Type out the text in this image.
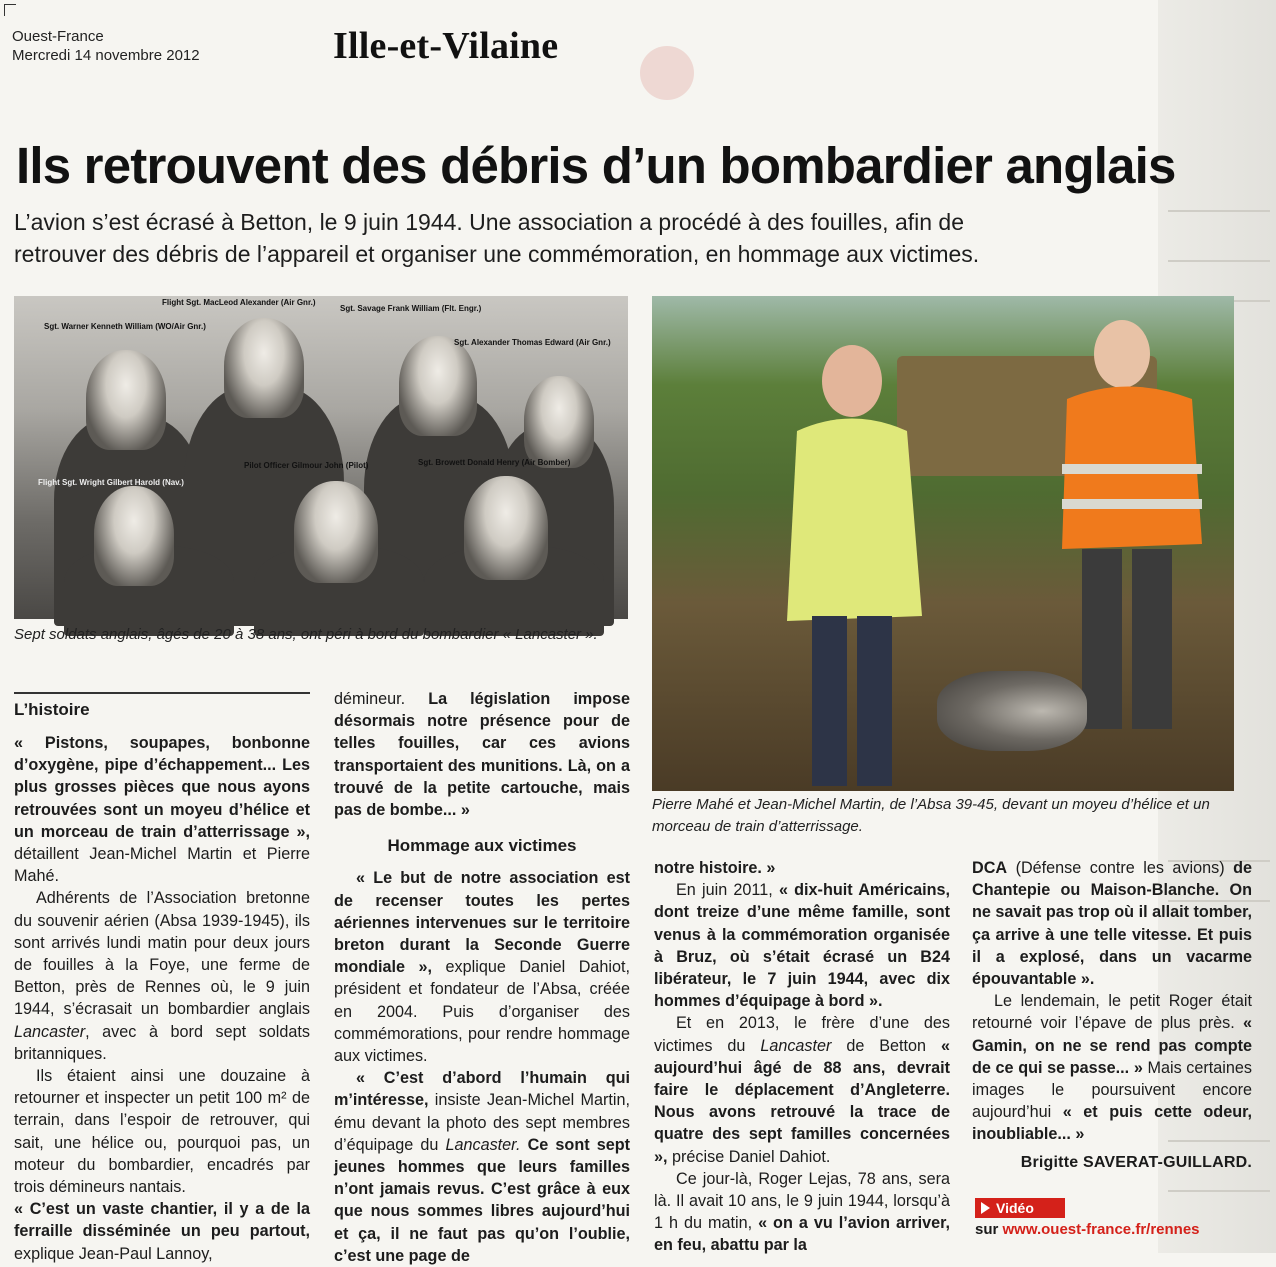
Ouest-France
Mercredi 14 novembre 2012	Ille-et-Vilaine
Ils retrouvent des débris d’un bombardier anglais
L’avion s’est écrasé à Betton, le 9 juin 1944. Une association a procédé à des fouilles, afin de retrouver des débris de l’appareil et organiser une commémoration, en hommage aux victimes.
Sgt. Warner Kenneth William (WO/Air Gnr.)
Flight Sgt. MacLeod Alexander (Air Gnr.)
Sgt. Savage Frank William (Flt. Engr.)
Sgt. Alexander Thomas Edward (Air Gnr.)
Flight Sgt. Wright Gilbert Harold (Nav.)
Pilot Officer Gilmour John (Pilot)	Sgt. Browett Donald Henry (Air Bomber)
Sept soldats anglais, âgés de 20 à 38 ans, ont péri à bord du bombardier « Lancaster ».
Pierre Mahé et Jean-Michel Martin, de l’Absa 39-45, devant un moyeu d’hélice et un morceau de train d’atterrissage.
L’histoire

« Pistons, soupapes, bonbonne d’oxygène, pipe d’échappement... Les plus grosses pièces que nous ayons retrouvées sont un moyeu d’hélice et un morceau de train d’atterrissage », détaillent Jean-Michel Martin et Pierre Mahé.

Adhérents de l’Association bretonne du souvenir aérien (Absa 1939-1945), ils sont arrivés lundi matin pour deux jours de fouilles à la Foye, une ferme de Betton, près de Rennes où, le 9 juin 1944, s’écrasait un bombardier anglais Lancaster, avec à bord sept soldats britanniques.

Ils étaient ainsi une douzaine à retourner et inspecter un petit 100 m² de terrain, dans l’espoir de retrouver, qui sait, une hélice ou, pourquoi pas, un moteur du bombardier, encadrés par trois démineurs nantais.

« C’est un vaste chantier, il y a de la ferraille disséminée un peu partout, explique Jean-Paul Lannoy,

démineur. La législation impose désormais notre présence pour de telles fouilles, car ces avions transportaient des munitions. Là, on a trouvé de la petite cartouche, mais pas de bombe... »

Hommage aux victimes

« Le but de notre association est de recenser toutes les pertes aériennes intervenues sur le territoire breton durant la Seconde Guerre mondiale », explique Daniel Dahiot, président et fondateur de l’Absa, créée en 2004. Puis d’organiser des commémorations, pour rendre hommage aux victimes.

« C’est d’abord l’humain qui m’intéresse, insiste Jean-Michel Martin, ému devant la photo des sept membres d’équipage du Lancaster. Ce sont sept jeunes hommes que leurs familles n’ont jamais revus. C’est grâce à eux que nous sommes libres aujourd’hui et ça, il ne faut pas qu’on l’oublie, c’est une page de

notre histoire. »

En juin 2011, « dix-huit Américains, dont treize d’une même famille, sont venus à la commémoration organisée à Bruz, où s’était écrasé un B24 libérateur, le 7 juin 1944, avec dix hommes d’équipage à bord ».

Et en 2013, le frère d’une des victimes du Lancaster de Betton « aujourd’hui âgé de 88 ans, devrait faire le déplacement d’Angleterre. Nous avons retrouvé la trace de quatre des sept familles concernées », précise Daniel Dahiot.

Ce jour-là, Roger Lejas, 78 ans, sera là. Il avait 10 ans, le 9 juin 1944, lorsqu’à 1 h du matin, « on a vu l’avion arriver, en feu, abattu par la

DCA (Défense contre les avions) de Chantepie ou Maison-Blanche. On ne savait pas trop où il allait tomber, ça arrive à une telle vitesse. Et puis il a explosé, dans un vacarme épouvantable ».

Le lendemain, le petit Roger était retourné voir l’épave de plus près. « Gamin, on ne se rend pas compte de ce qui se passe... » Mais certaines images le poursuivent encore aujourd’hui « et puis cette odeur, inoubliable... »

Brigitte SAVERAT-GUILLARD.
Vidéo
sur www.ouest-france.fr/rennes
